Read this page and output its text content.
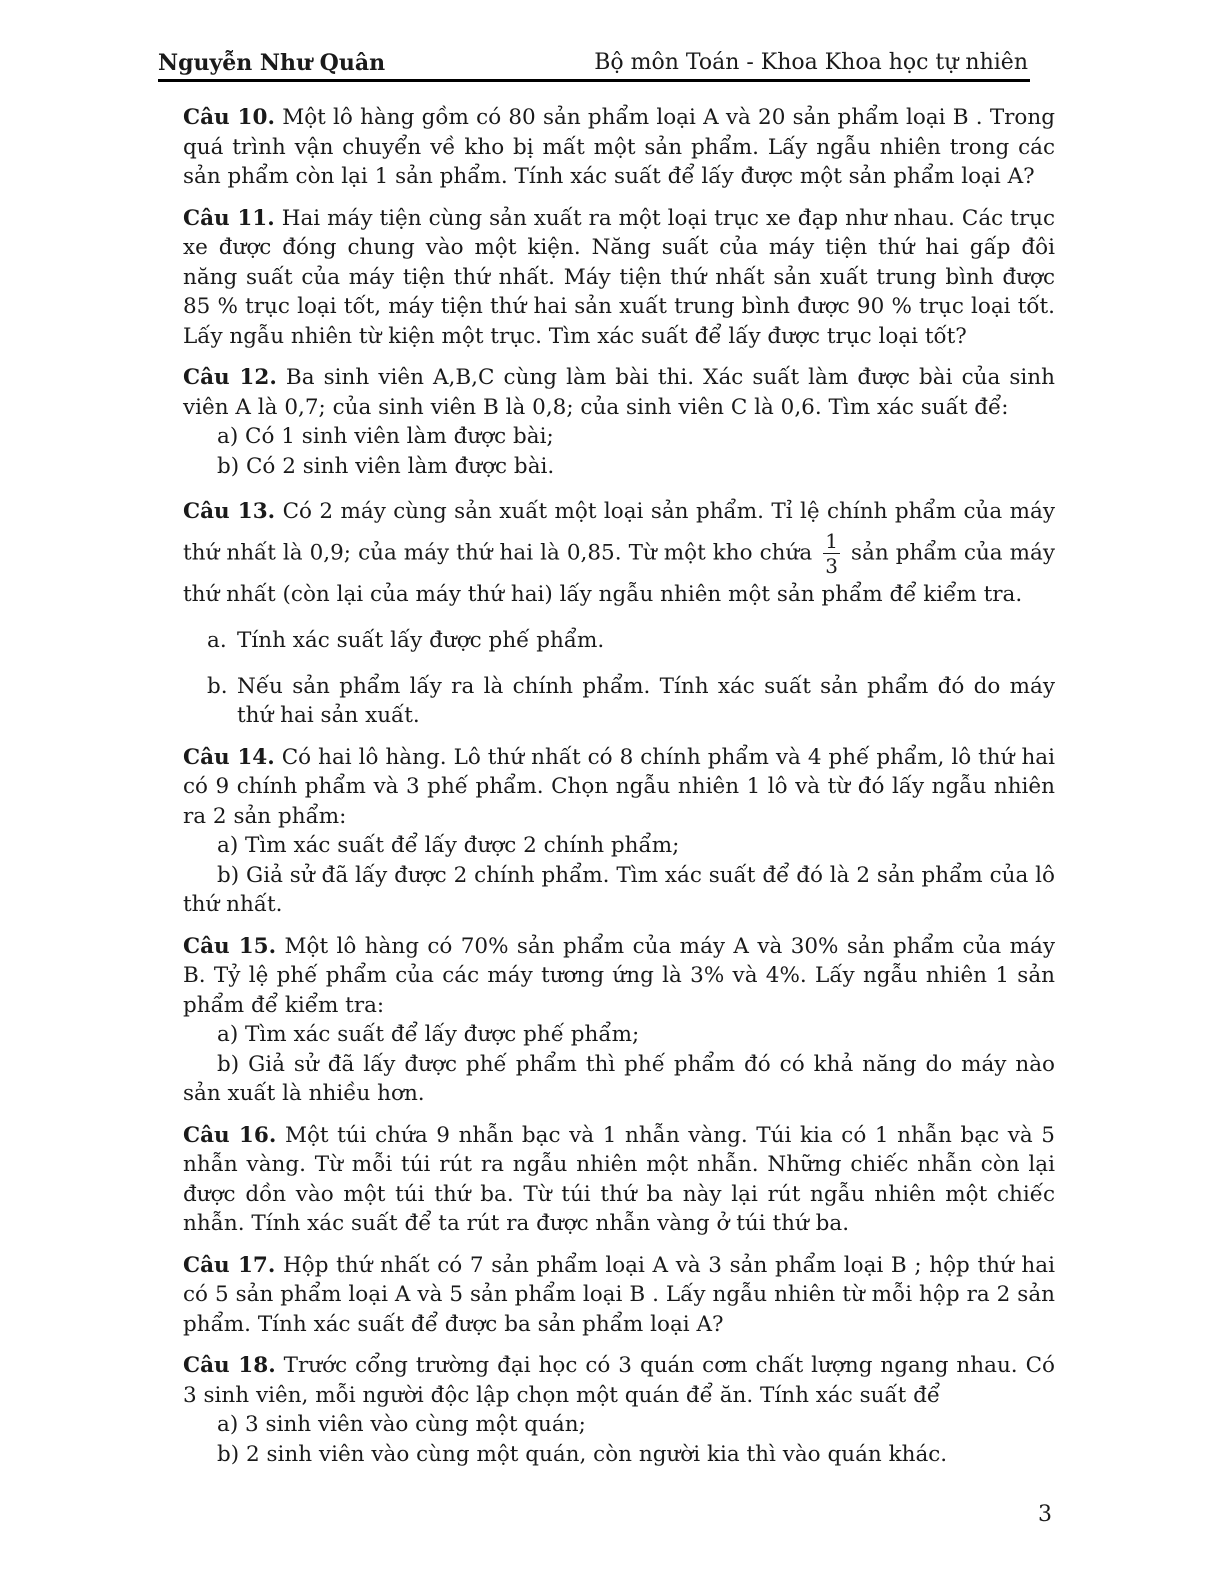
Nguyễn Như Quân	Bộ môn Toán - Khoa Khoa học tự nhiên
Câu 10. Một lô hàng gồm có 80 sản phẩm loại A và 20 sản phẩm loại B . Trong quá trình vận chuyển về kho bị mất một sản phẩm. Lấy ngẫu nhiên trong các sản phẩm còn lại 1 sản phẩm. Tính xác suất để lấy được một sản phẩm loại A?
Câu 11. Hai máy tiện cùng sản xuất ra một loại trục xe đạp như nhau. Các trục xe được đóng chung vào một kiện. Năng suất của máy tiện thứ hai gấp đôi năng suất của máy tiện thứ nhất. Máy tiện thứ nhất sản xuất trung bình được 85 % trục loại tốt, máy tiện thứ hai sản xuất trung bình được 90 % trục loại tốt. Lấy ngẫu nhiên từ kiện một trục. Tìm xác suất để lấy được trục loại tốt?
Câu 12. Ba sinh viên A,B,C cùng làm bài thi. Xác suất làm được bài của sinh viên A là 0,7; của sinh viên B là 0,8; của sinh viên C là 0,6. Tìm xác suất để:

a) Có 1 sinh viên làm được bài;

b) Có 2 sinh viên làm được bài.

Câu 13. Có 2 máy cùng sản xuất một loại sản phẩm. Tỉ lệ chính phẩm của máy thứ nhất là 0,9; của máy thứ hai là 0,85. Từ một kho chứa $\frac{1}{3}$ sản phẩm của máy thứ nhất (còn lại của máy thứ hai) lấy ngẫu nhiên một sản phẩm để kiểm tra.
a. Tính xác suất lấy được phế phẩm.
b. Nếu sản phẩm lấy ra là chính phẩm. Tính xác suất sản phẩm đó do máy thứ hai sản xuất.
Câu 14. Có hai lô hàng. Lô thứ nhất có 8 chính phẩm và 4 phế phẩm, lô thứ hai có 9 chính phẩm và 3 phế phẩm. Chọn ngẫu nhiên 1 lô và từ đó lấy ngẫu nhiên ra 2 sản phẩm:

a) Tìm xác suất để lấy được 2 chính phẩm;

b) Giả sử đã lấy được 2 chính phẩm. Tìm xác suất để đó là 2 sản phẩm của lô thứ nhất.

Câu 15. Một lô hàng có 70% sản phẩm của máy A và 30% sản phẩm của máy B. Tỷ lệ phế phẩm của các máy tương ứng là 3% và 4%. Lấy ngẫu nhiên 1 sản phẩm để kiểm tra:

a) Tìm xác suất để lấy được phế phẩm;

b) Giả sử đã lấy được phế phẩm thì phế phẩm đó có khả năng do máy nào sản xuất là nhiều hơn.

Câu 16. Một túi chứa 9 nhẫn bạc và 1 nhẫn vàng. Túi kia có 1 nhẫn bạc và 5 nhẫn vàng. Từ mỗi túi rút ra ngẫu nhiên một nhẫn. Những chiếc nhẫn còn lại được dồn vào một túi thứ ba. Từ túi thứ ba này lại rút ngẫu nhiên một chiếc nhẫn. Tính xác suất để ta rút ra được nhẫn vàng ở túi thứ ba.
Câu 17. Hộp thứ nhất có 7 sản phẩm loại A và 3 sản phẩm loại B ; hộp thứ hai có 5 sản phẩm loại A và 5 sản phẩm loại B . Lấy ngẫu nhiên từ mỗi hộp ra 2 sản phẩm. Tính xác suất để được ba sản phẩm loại A?
Câu 18. Trước cổng trường đại học có 3 quán cơm chất lượng ngang nhau. Có 3 sinh viên, mỗi người độc lập chọn một quán để ăn. Tính xác suất để

a) 3 sinh viên vào cùng một quán;

b) 2 sinh viên vào cùng một quán, còn người kia thì vào quán khác.

3
